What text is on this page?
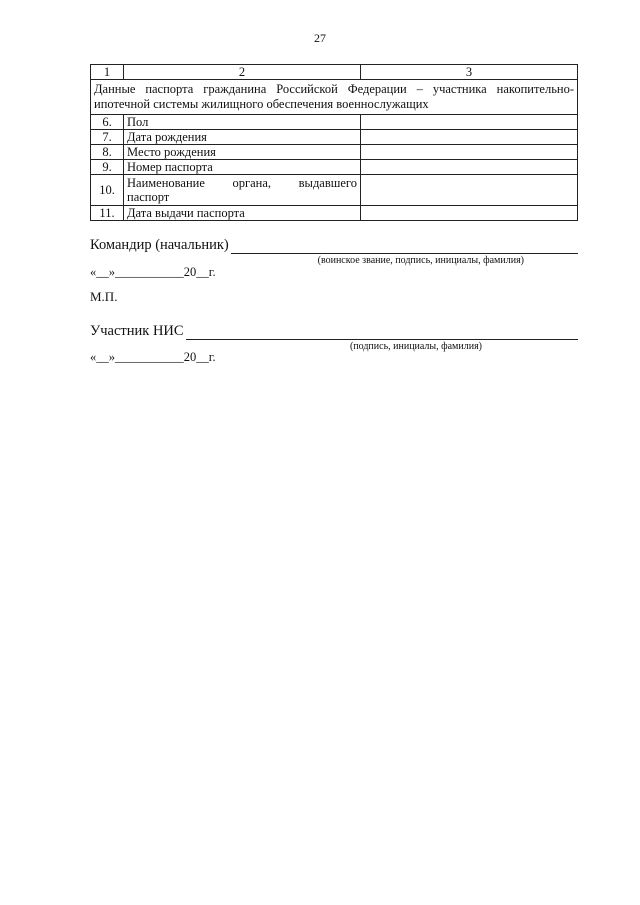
27
1	2	3
Данные паспорта гражданина Российской Федерации – участника накопительно-ипотечной системы жилищного обеспечения военнослужащих		
6.	Пол	
7.	Дата рождения	
8.	Место рождения	
9.	Номер паспорта	
10.	Наименование органа, выдавшего
паспорт	
11.	Дата выдачи паспорта	
Командир (начальник)
(воинское звание, подпись, инициалы, фамилия)
«__»___________20__г.
М.П.
Участник НИС
(подпись, инициалы, фамилия)
«__»___________20__г.
